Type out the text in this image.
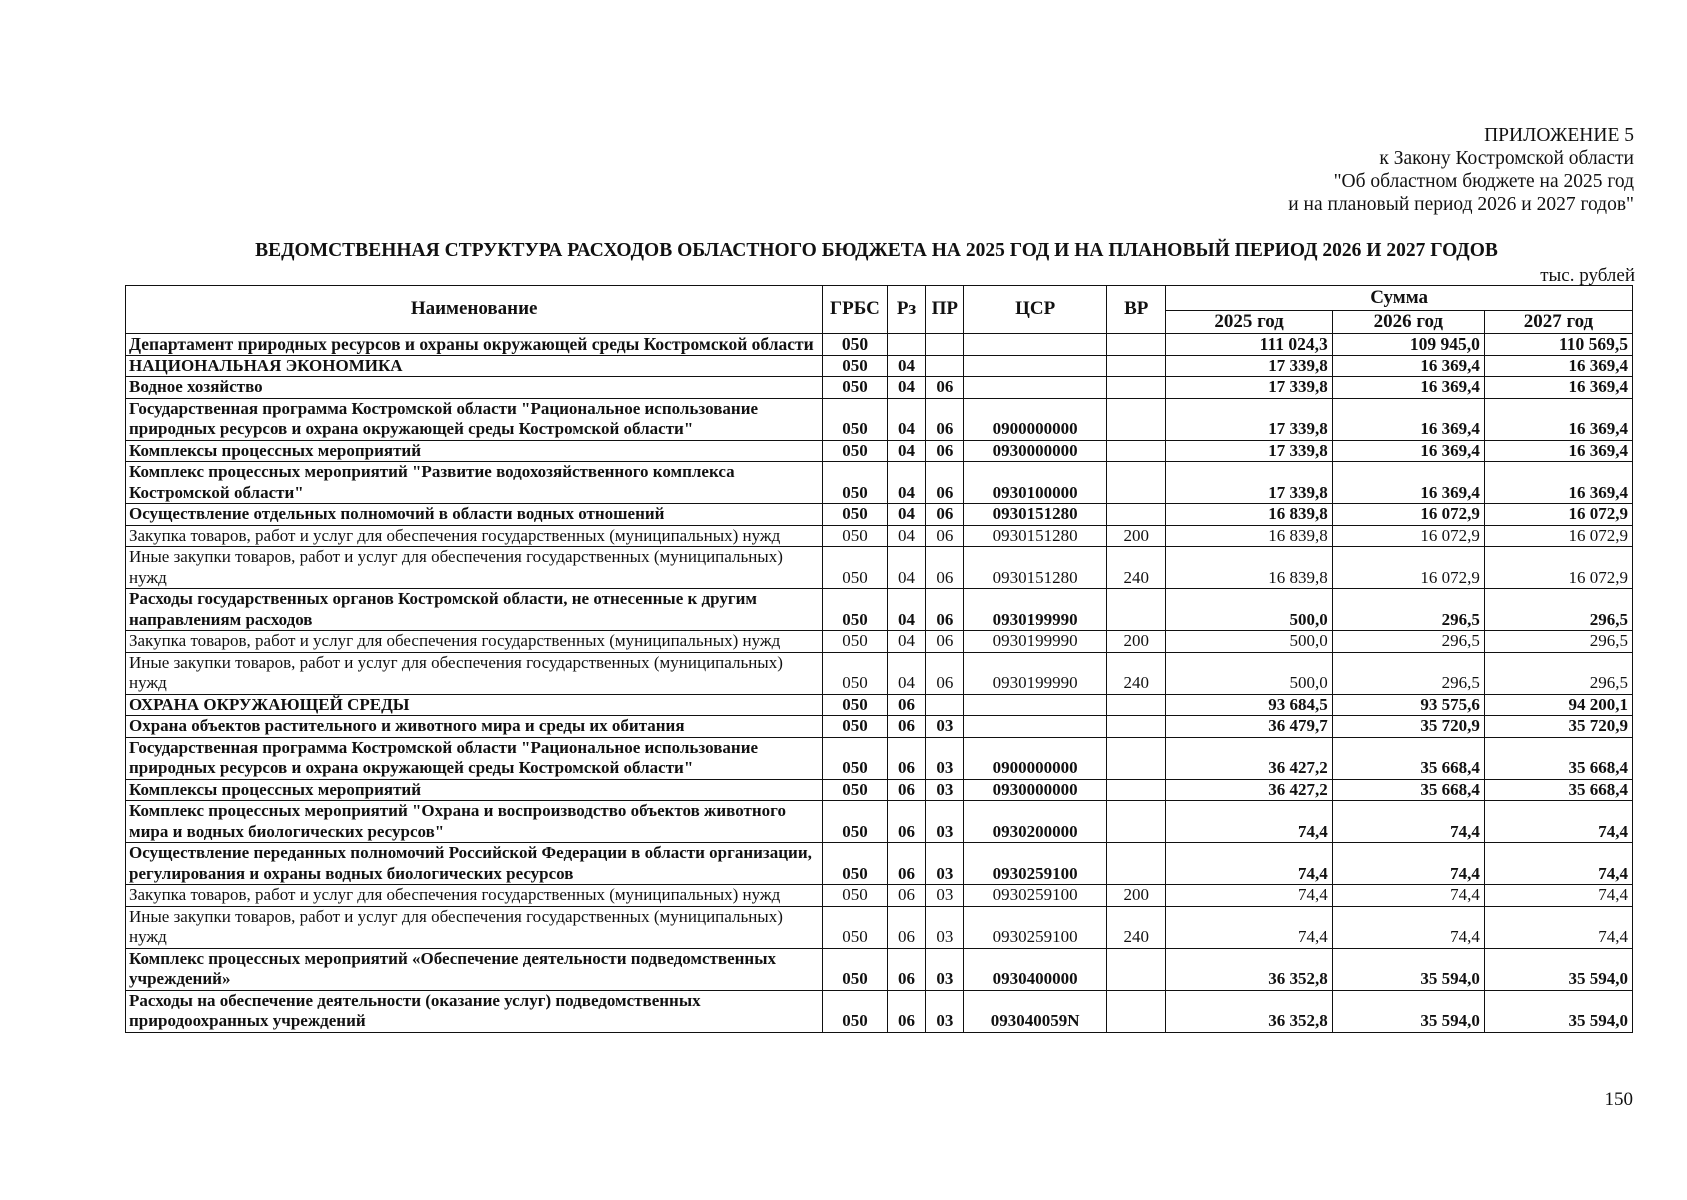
ПРИЛОЖЕНИЕ 5
к Закону Костромской области
"Об областном бюджете на 2025 год
и на плановый период 2026 и 2027 годов"
ВЕДОМСТВЕННАЯ СТРУКТУРА РАСХОДОВ ОБЛАСТНОГО БЮДЖЕТА НА 2025 ГОД И НА ПЛАНОВЫЙ ПЕРИОД 2026 И 2027 ГОДОВ
тыс. рублей
Наименование	ГРБС	Рз	ПР	ЦСР	ВР	Сумма		
						2025 год	2026 год	2027 год
Департамент природных ресурсов и охраны окружающей среды Костромской области	050					111 024,3	109 945,0	110 569,5
НАЦИОНАЛЬНАЯ ЭКОНОМИКА	050	04				17 339,8	16 369,4	16 369,4
Водное хозяйство	050	04	06			17 339,8	16 369,4	16 369,4
Государственная программа Костромской области "Рациональное использование природных ресурсов и охрана окружающей среды Костромской области"	050	04	06	0900000000		17 339,8	16 369,4	16 369,4
Комплексы процессных мероприятий	050	04	06	0930000000		17 339,8	16 369,4	16 369,4
Комплекс процессных мероприятий "Развитие водохозяйственного комплекса Костромской области"	050	04	06	0930100000		17 339,8	16 369,4	16 369,4
Осуществление отдельных полномочий в области водных отношений	050	04	06	0930151280		16 839,8	16 072,9	16 072,9
Закупка товаров, работ и услуг для обеспечения государственных (муниципальных) нужд	050	04	06	0930151280	200	16 839,8	16 072,9	16 072,9
Иные закупки товаров, работ и услуг для обеспечения государственных (муниципальных) нужд	050	04	06	0930151280	240	16 839,8	16 072,9	16 072,9
Расходы государственных органов Костромской области, не отнесенные к другим направлениям расходов	050	04	06	0930199990		500,0	296,5	296,5
Закупка товаров, работ и услуг для обеспечения государственных (муниципальных) нужд	050	04	06	0930199990	200	500,0	296,5	296,5
Иные закупки товаров, работ и услуг для обеспечения государственных (муниципальных) нужд	050	04	06	0930199990	240	500,0	296,5	296,5
ОХРАНА ОКРУЖАЮЩЕЙ СРЕДЫ	050	06				93 684,5	93 575,6	94 200,1
Охрана объектов растительного и животного мира и среды их обитания	050	06	03			36 479,7	35 720,9	35 720,9
Государственная программа Костромской области "Рациональное использование природных ресурсов и охрана окружающей среды Костромской области"	050	06	03	0900000000		36 427,2	35 668,4	35 668,4
Комплексы процессных мероприятий	050	06	03	0930000000		36 427,2	35 668,4	35 668,4
Комплекс процессных мероприятий "Охрана и воспроизводство объектов животного мира и водных биологических ресурсов"	050	06	03	0930200000		74,4	74,4	74,4
Осуществление переданных полномочий Российской Федерации в области организации, регулирования и охраны водных биологических ресурсов	050	06	03	0930259100		74,4	74,4	74,4
Закупка товаров, работ и услуг для обеспечения государственных (муниципальных) нужд	050	06	03	0930259100	200	74,4	74,4	74,4
Иные закупки товаров, работ и услуг для обеспечения государственных (муниципальных) нужд	050	06	03	0930259100	240	74,4	74,4	74,4
Комплекс процессных мероприятий «Обеспечение деятельности подведомственных учреждений»	050	06	03	0930400000		36 352,8	35 594,0	35 594,0
Расходы на обеспечение деятельности (оказание услуг) подведомственных природоохранных учреждений	050	06	03	093040059N		36 352,8	35 594,0	35 594,0
150
